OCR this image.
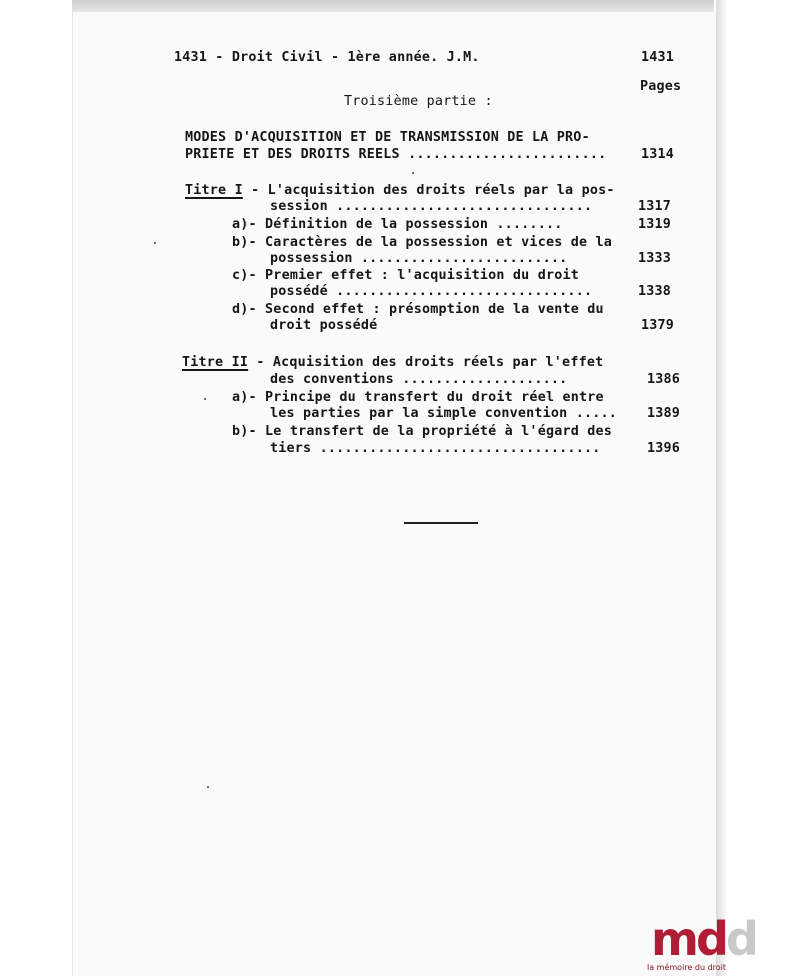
1431 - Droit Civil - 1ère année. J.M.	1431
Pages
Troisième partie :
MODES D'ACQUISITION ET DE TRANSMISSION DE LA PRO-
PRIETE ET DES DROITS REELS ........................	1314
Titre I - L'acquisition des droits réels par la pos-
session ...............................	1317
a)- Définition de la possession ........	1319
b)- Caractères de la possession et vices de la
possession .........................	1333
c)- Premier effet : l'acquisition du droit
possédé ...............................	1338
d)- Second effet : présomption de la vente du
droit possédé	1379
Titre II - Acquisition des droits réels par l'effet
des conventions ....................	1386
a)- Principe du transfert du droit réel entre
les parties par la simple convention ..... 1389
b)- Le transfert de la propriété à l'égard des
tiers ..................................	1396
mdd
la mémoire du droit
